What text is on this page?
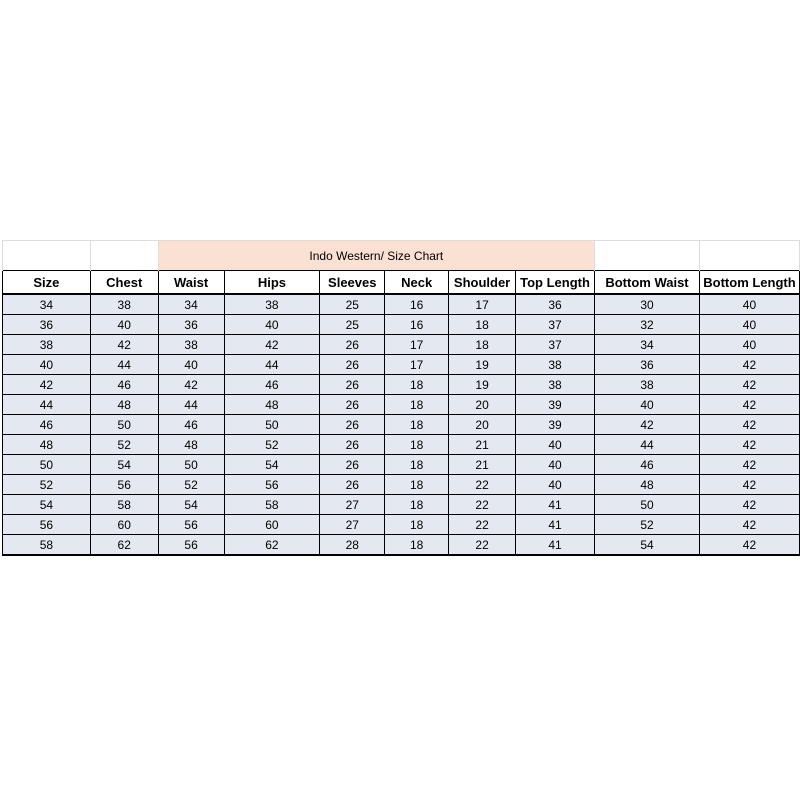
		Indo Western/ Size Chart							
Size	Chest	Waist	Hips	Sleeves	Neck	Shoulder	Top Length	Bottom Waist	Bottom Length
34	38	34	38	25	16	17	36	30	40
36	40	36	40	25	16	18	37	32	40
38	42	38	42	26	17	18	37	34	40
40	44	40	44	26	17	19	38	36	42
42	46	42	46	26	18	19	38	38	42
44	48	44	48	26	18	20	39	40	42
46	50	46	50	26	18	20	39	42	42
48	52	48	52	26	18	21	40	44	42
50	54	50	54	26	18	21	40	46	42
52	56	52	56	26	18	22	40	48	42
54	58	54	58	27	18	22	41	50	42
56	60	56	60	27	18	22	41	52	42
58	62	56	62	28	18	22	41	54	42
